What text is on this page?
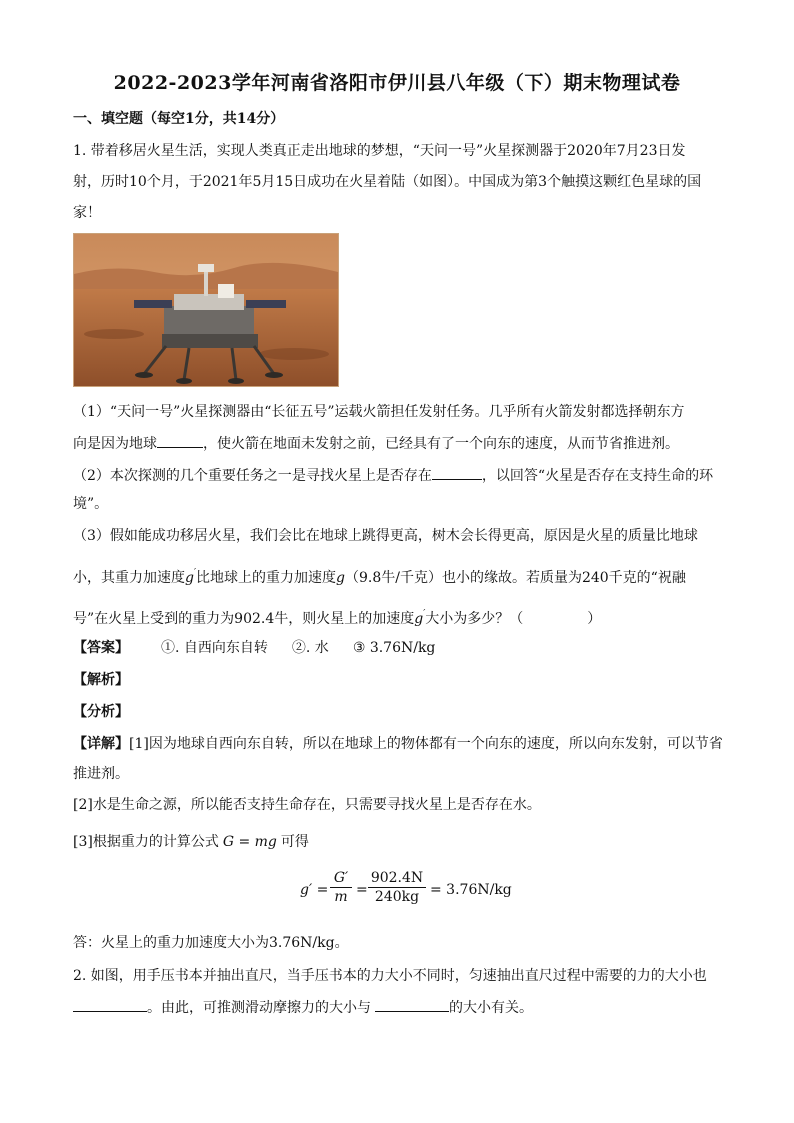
2022-2023学年河南省洛阳市伊川县八年级（下）期末物理试卷
一、填空题（每空1分，共14分）
1. 带着移居火星生活，实现人类真正走出地球的梦想，“天问一号”火星探测器于2020年7月23日发
射，历时10个月，于2021年5月15日成功在火星着陆（如图）。中国成为第3个触摸这颗红色星球的国
家！
（1）“天问一号”火星探测器由“长征五号”运载火箭担任发射任务。几乎所有火箭发射都选择朝东方
向是因为地球	，使火箭在地面未发射之前，已经具有了一个向东的速度，从而节省推进剂。
（2）本次探测的几个重要任务之一是寻找火星上是否存在	，以回答“火星是否存在支持生命的环
境”。
（3）假如能成功移居火星，我们会比在地球上跳得更高，树木会长得更高，原因是火星的质量比地球
小，其重力加速度g′比地球上的重力加速度g（9.8牛/千克）也小的缘故。若质量为240千克的“祝融
号”在火星上受到的重力为902.4牛，则火星上的加速度g′大小为多少？（	）
【答案】 ①. 自西向东自转 ②. 水 ③ 3.76N/kg
【解析】
【分析】
【详解】[1]因为地球自西向东自转，所以在地球上的物体都有一个向东的速度，所以向东发射，可以节省
推进剂。
[2]水是生命之源，所以能否支持生命存在，只需要寻找火星上是否存在水。
[3]根据重力的计算公式 G = mg 可得
g′ =
G′
m =
902.4N
240kg = 3.76N/kg
答：火星上的重力加速度大小为3.76N/kg。
2. 如图，用手压书本并抽出直尺，当手压书本的力大小不同时，匀速抽出直尺过程中需要的力的大小也
。由此，可推测滑动摩擦力的大小与	的大小有关。
